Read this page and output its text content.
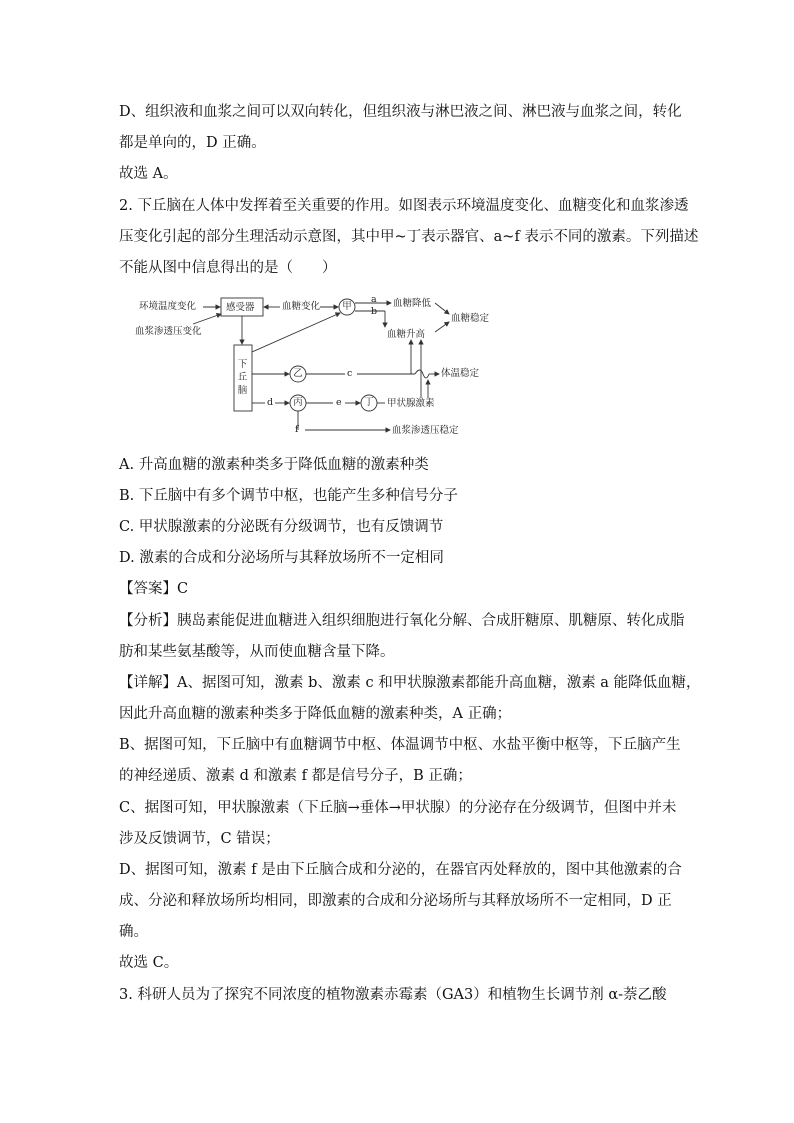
D、组织液和血浆之间可以双向转化，但组织液与淋巴液之间、淋巴液与血浆之间，转化
都是单向的，D 正确。
故选 A。
2. 下丘脑在人体中发挥着至关重要的作用。如图表示环境温度变化、血糖变化和血浆渗透
压变化引起的部分生理活动示意图，其中甲~丁表示器官、a~f 表示不同的激素。下列描述
不能从图中信息得出的是（　　）
环境温度变化
血浆渗透压变化
感受器	血糖变化	甲
a
b
血糖降低
血糖升高
血糖稳定
下丘脑
乙	c	体温稳定
d	丙	e	丁	甲状腺激素
f	血浆渗透压稳定
A. 升高血糖的激素种类多于降低血糖的激素种类
B. 下丘脑中有多个调节中枢，也能产生多种信号分子
C. 甲状腺激素的分泌既有分级调节，也有反馈调节
D. 激素的合成和分泌场所与其释放场所不一定相同
【答案】C
【分析】胰岛素能促进血糖进入组织细胞进行氧化分解、合成肝糖原、肌糖原、转化成脂
肪和某些氨基酸等，从而使血糖含量下降。
【详解】A、据图可知，激素 b、激素 c 和甲状腺激素都能升高血糖，激素 a 能降低血糖，
因此升高血糖的激素种类多于降低血糖的激素种类，A 正确；
B、据图可知，下丘脑中有血糖调节中枢、体温调节中枢、水盐平衡中枢等，下丘脑产生
的神经递质、激素 d 和激素 f 都是信号分子，B 正确；
C、据图可知，甲状腺激素（下丘脑→垂体→甲状腺）的分泌存在分级调节，但图中并未
涉及反馈调节，C 错误；
D、据图可知，激素 f 是由下丘脑合成和分泌的，在器官丙处释放的，图中其他激素的合
成、分泌和释放场所均相同，即激素的合成和分泌场所与其释放场所不一定相同，D 正
确。
故选 C。
3. 科研人员为了探究不同浓度的植物激素赤霉素（GA3）和植物生长调节剂 α-萘乙酸
